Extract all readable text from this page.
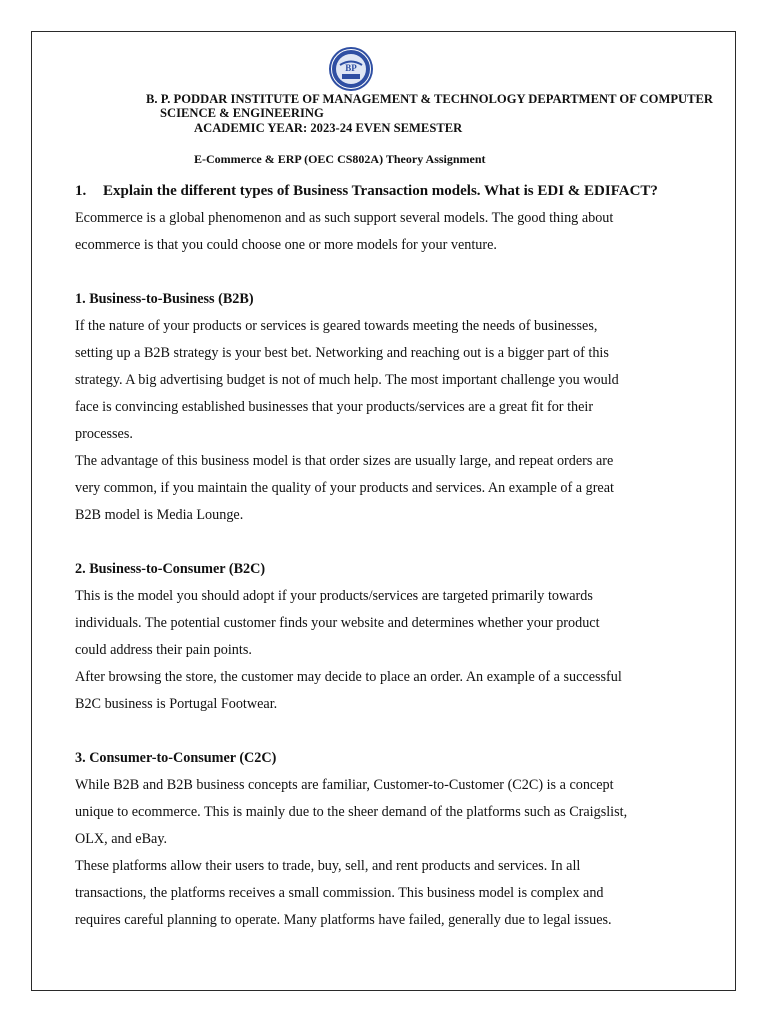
BP
B. P. PODDAR INSTITUTE OF MANAGEMENT & TECHNOLOGY DEPARTMENT OF COMPUTER
SCIENCE & ENGINEERING
ACADEMIC YEAR: 2023-24 EVEN SEMESTER
E-Commerce & ERP (OEC CS802A) Theory Assignment
1. Explain the different types of Business Transaction models. What is EDI & EDIFACT?

Ecommerce is a global phenomenon and as such support several models. The good thing about
ecommerce is that you could choose one or more models for your venture.

1. Business-to-Business (B2B)

If the nature of your products or services is geared towards meeting the needs of businesses,
setting up a B2B strategy is your best bet. Networking and reaching out is a bigger part of this
strategy. A big advertising budget is not of much help. The most important challenge you would
face is convincing established businesses that your products/services are a great fit for their
processes.
The advantage of this business model is that order sizes are usually large, and repeat orders are
very common, if you maintain the quality of your products and services. An example of a great
B2B model is Media Lounge.

2. Business-to-Consumer (B2C)

This is the model you should adopt if your products/services are targeted primarily towards
individuals. The potential customer finds your website and determines whether your product
could address their pain points.
After browsing the store, the customer may decide to place an order. An example of a successful
B2C business is Portugal Footwear.

3. Consumer-to-Consumer (C2C)

While B2B and B2B business concepts are familiar, Customer-to-Customer (C2C) is a concept
unique to ecommerce. This is mainly due to the sheer demand of the platforms such as Craigslist,
OLX, and eBay.
These platforms allow their users to trade, buy, sell, and rent products and services. In all
transactions, the platforms receives a small commission. This business model is complex and
requires careful planning to operate. Many platforms have failed, generally due to legal issues.
